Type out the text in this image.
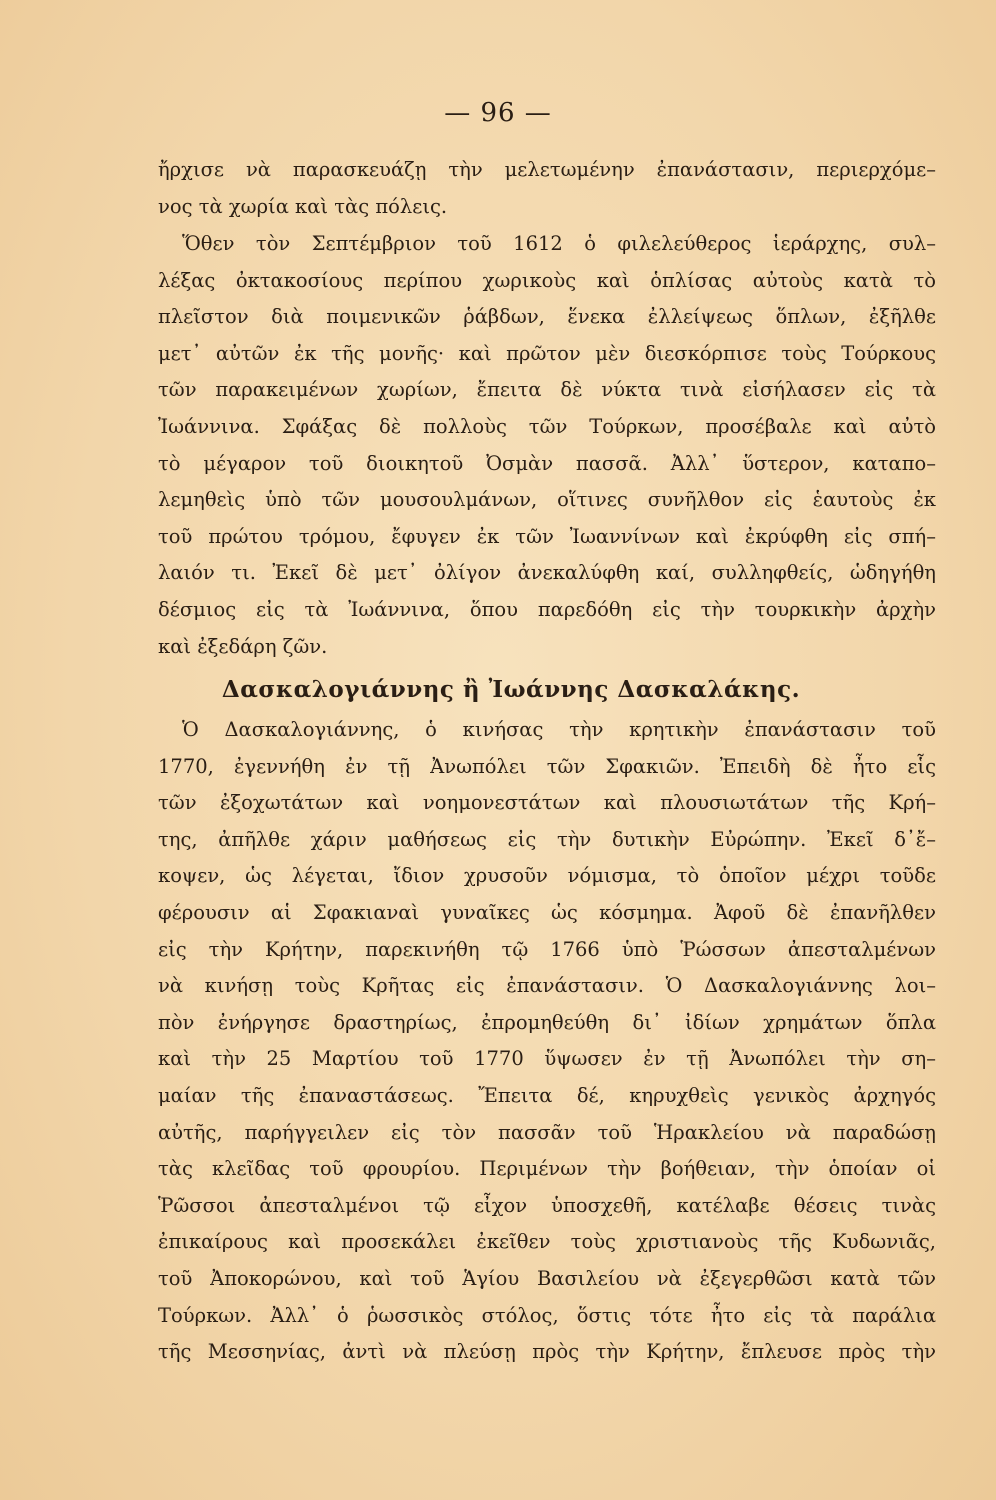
— 96 —
ἤρχισε νὰ παρασκευάζῃ τὴν μελετωμένην ἐπανάστασιν, περιερχόμε–
νος τὰ χωρία καὶ τὰς πόλεις.
Ὅθεν τὸν Σεπτέμβριον τοῦ 1612 ὁ φιλελεύθερος ἱεράρχης, συλ–
λέξας ὀκτακοσίους περίπου χωρικοὺς καὶ ὁπλίσας αὐτοὺς κατὰ τὸ
πλεῖστον διὰ ποιμενικῶν ῥάβδων, ἕνεκα ἐλλείψεως ὅπλων, ἐξῆλθε
μετ᾽ αὐτῶν ἐκ τῆς μονῆς· καὶ πρῶτον μὲν διεσκόρπισε τοὺς Τούρκους
τῶν παρακειμένων χωρίων, ἔπειτα δὲ νύκτα τινὰ εἰσήλασεν εἰς τὰ
Ἰωάννινα. Σφάξας δὲ πολλοὺς τῶν Τούρκων, προσέβαλε καὶ αὐτὸ
τὸ μέγαρον τοῦ διοικητοῦ Ὀσμὰν πασσᾶ. Ἀλλ᾽ ὕστερον, καταπο–
λεμηθεὶς ὑπὸ τῶν μουσουλμάνων, οἵτινες συνῆλθον εἰς ἑαυτοὺς ἐκ
τοῦ πρώτου τρόμου, ἔφυγεν ἐκ τῶν Ἰωαννίνων καὶ ἐκρύφθη εἰς σπή–
λαιόν τι. Ἐκεῖ δὲ μετ᾽ ὀλίγον ἀνεκαλύφθη καί, συλληφθείς, ὡδηγήθη
δέσμιος εἰς τὰ Ἰωάννινα, ὅπου παρεδόθη εἰς τὴν τουρκικὴν ἀρχὴν
καὶ ἐξεδάρη ζῶν.
Δασκαλογιάννης ἢ Ἰωάννης Δασκαλάκης.
Ὁ Δασκαλογιάννης, ὁ κινήσας τὴν κρητικὴν ἐπανάστασιν τοῦ
1770, ἐγεννήθη ἐν τῇ Ἀνωπόλει τῶν Σφακιῶν. Ἐπειδὴ δὲ ἦτο εἷς
τῶν ἐξοχωτάτων καὶ νοημονεστάτων καὶ πλουσιωτάτων τῆς Κρή–
της, ἀπῆλθε χάριν μαθήσεως εἰς τὴν δυτικὴν Εὐρώπην. Ἐκεῖ δ᾽ἔ–
κοψεν, ὡς λέγεται, ἴδιον χρυσοῦν νόμισμα, τὸ ὁποῖον μέχρι τοῦδε
φέρουσιν αἱ Σφακιαναὶ γυναῖκες ὡς κόσμημα. Ἀφοῦ δὲ ἐπανῆλθεν
εἰς τὴν Κρήτην, παρεκινήθη τῷ 1766 ὑπὸ Ῥώσσων ἀπεσταλμένων
νὰ κινήσῃ τοὺς Κρῆτας εἰς ἐπανάστασιν. Ὁ Δασκαλογιάννης λοι–
πὸν ἐνήργησε δραστηρίως, ἐπρομηθεύθη δι᾽ ἰδίων χρημάτων ὅπλα
καὶ τὴν 25 Μαρτίου τοῦ 1770 ὕψωσεν ἐν τῇ Ἀνωπόλει τὴν ση–
μαίαν τῆς ἐπαναστάσεως. Ἔπειτα δέ, κηρυχθεὶς γενικὸς ἀρχηγός
αὐτῆς, παρήγγειλεν εἰς τὸν πασσᾶν τοῦ Ἡρακλείου νὰ παραδώσῃ
τὰς κλεῖδας τοῦ φρουρίου. Περιμένων τὴν βοήθειαν, τὴν ὁποίαν οἱ
Ῥῶσσοι ἀπεσταλμένοι τῷ εἶχον ὑποσχεθῆ, κατέλαβε θέσεις τινὰς
ἐπικαίρους καὶ προσεκάλει ἐκεῖθεν τοὺς χριστιανοὺς τῆς Κυδωνιᾶς,
τοῦ Ἀποκορώνου, καὶ τοῦ Ἁγίου Βασιλείου νὰ ἐξεγερθῶσι κατὰ τῶν
Τούρκων. Ἀλλ᾽ ὁ ῥωσσικὸς στόλος, ὅστις τότε ἦτο εἰς τὰ παράλια
τῆς Μεσσηνίας, ἀντὶ νὰ πλεύσῃ πρὸς τὴν Κρήτην, ἔπλευσε πρὸς τὴν
